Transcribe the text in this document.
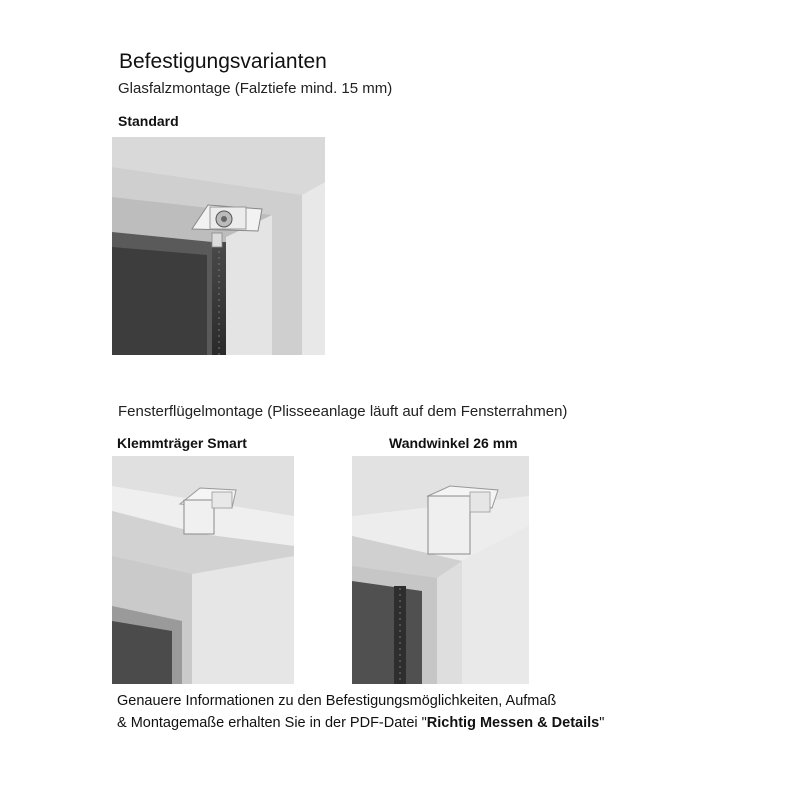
Befestigungsvarianten
Glasfalzmontage (Falztiefe mind. 15 mm)
Standard
Fensterflügelmontage (Plisseeanlage läuft auf dem Fensterrahmen)
Klemmträger Smart	Wandwinkel 26 mm
Genauere Informationen zu den Befestigungsmöglichkeiten, Aufmaß
& Montagemaße erhalten Sie in der PDF-Datei "Richtig Messen & Details"
